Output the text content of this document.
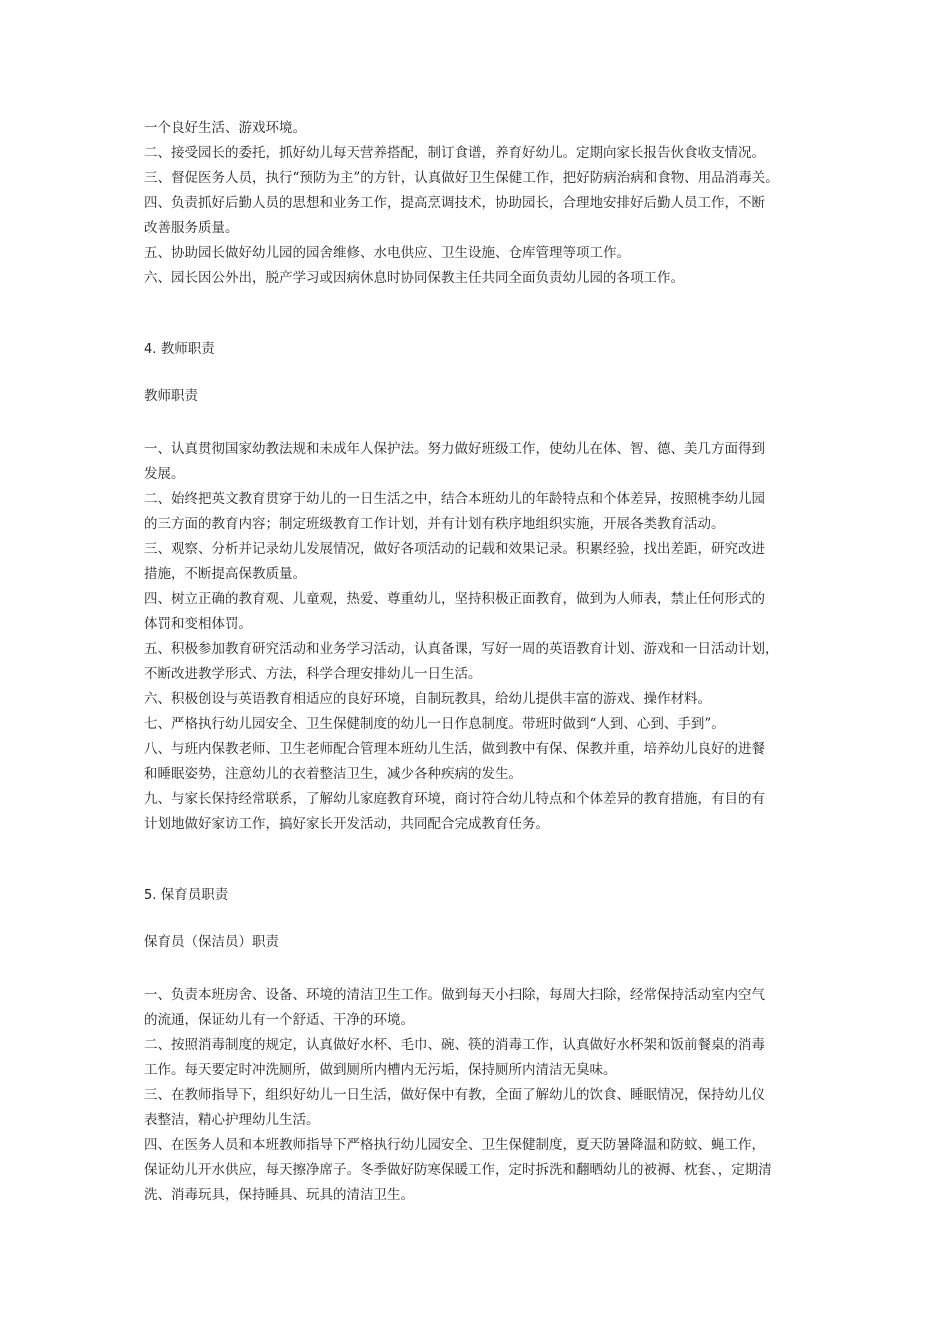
一个良好生活、游戏环境。
二、接受园长的委托，抓好幼儿每天营养搭配，制订食谱，养育好幼儿。定期向家长报告伙食收支情况。
三、督促医务人员，执行“预防为主”的方针，认真做好卫生保健工作，把好防病治病和食物、用品消毒关。
四、负责抓好后勤人员的思想和业务工作，提高烹调技术，协助园长，合理地安排好后勤人员工作，不断
改善服务质量。
五、协助园长做好幼儿园的园舍维修、水电供应、卫生设施、仓库管理等项工作。
六、园长因公外出，脱产学习或因病休息时协同保教主任共同全面负责幼儿园的各项工作。
4. 教师职责
教师职责
一、认真贯彻国家幼教法规和未成年人保护法。努力做好班级工作，使幼儿在体、智、德、美几方面得到
发展。
二、始终把英文教育贯穿于幼儿的一日生活之中，结合本班幼儿的年龄特点和个体差异，按照桃李幼儿园
的三方面的教育内容；制定班级教育工作计划，并有计划有秩序地组织实施，开展各类教育活动。
三、观察、分析并记录幼儿发展情况，做好各项活动的记载和效果记录。积累经验，找出差距，研究改进
措施，不断提高保教质量。
四、树立正确的教育观、儿童观，热爱、尊重幼儿，坚持积极正面教育，做到为人师表，禁止任何形式的
体罚和变相体罚。
五、积极参加教育研究活动和业务学习活动，认真备课，写好一周的英语教育计划、游戏和一日活动计划，
不断改进教学形式、方法，科学合理安排幼儿一日生活。
六、积极创设与英语教育相适应的良好环境，自制玩教具，给幼儿提供丰富的游戏、操作材料。
七、严格执行幼儿园安全、卫生保健制度的幼儿一日作息制度。带班时做到“人到、心到、手到”。
八、与班内保教老师、卫生老师配合管理本班幼儿生活，做到教中有保、保教并重，培养幼儿良好的进餐
和睡眠姿势，注意幼儿的衣着整洁卫生，减少各种疾病的发生。
九、与家长保持经常联系，了解幼儿家庭教育环境，商讨符合幼儿特点和个体差异的教育措施，有目的有
计划地做好家访工作，搞好家长开发活动，共同配合完成教育任务。
5. 保育员职责
保育员（保洁员）职责
一、负责本班房舍、设备、环境的清洁卫生工作。做到每天小扫除，每周大扫除，经常保持活动室内空气
的流通，保证幼儿有一个舒适、干净的环境。
二、按照消毒制度的规定，认真做好水杯、毛巾、碗、筷的消毒工作，认真做好水杯架和饭前餐桌的消毒
工作。每天要定时冲洗厕所，做到厕所内槽内无污垢，保持厕所内清洁无臭味。
三、在教师指导下，组织好幼儿一日生活，做好保中有教，全面了解幼儿的饮食、睡眠情况，保持幼儿仪
表整洁，精心护理幼儿生活。
四、在医务人员和本班教师指导下严格执行幼儿园安全、卫生保健制度，夏天防暑降温和防蚊、蝇工作，
保证幼儿开水供应，每天擦净席子。冬季做好防寒保暖工作，定时拆洗和翻晒幼儿的被褥、枕套、，定期清
洗、消毒玩具，保持睡具、玩具的清洁卫生。
